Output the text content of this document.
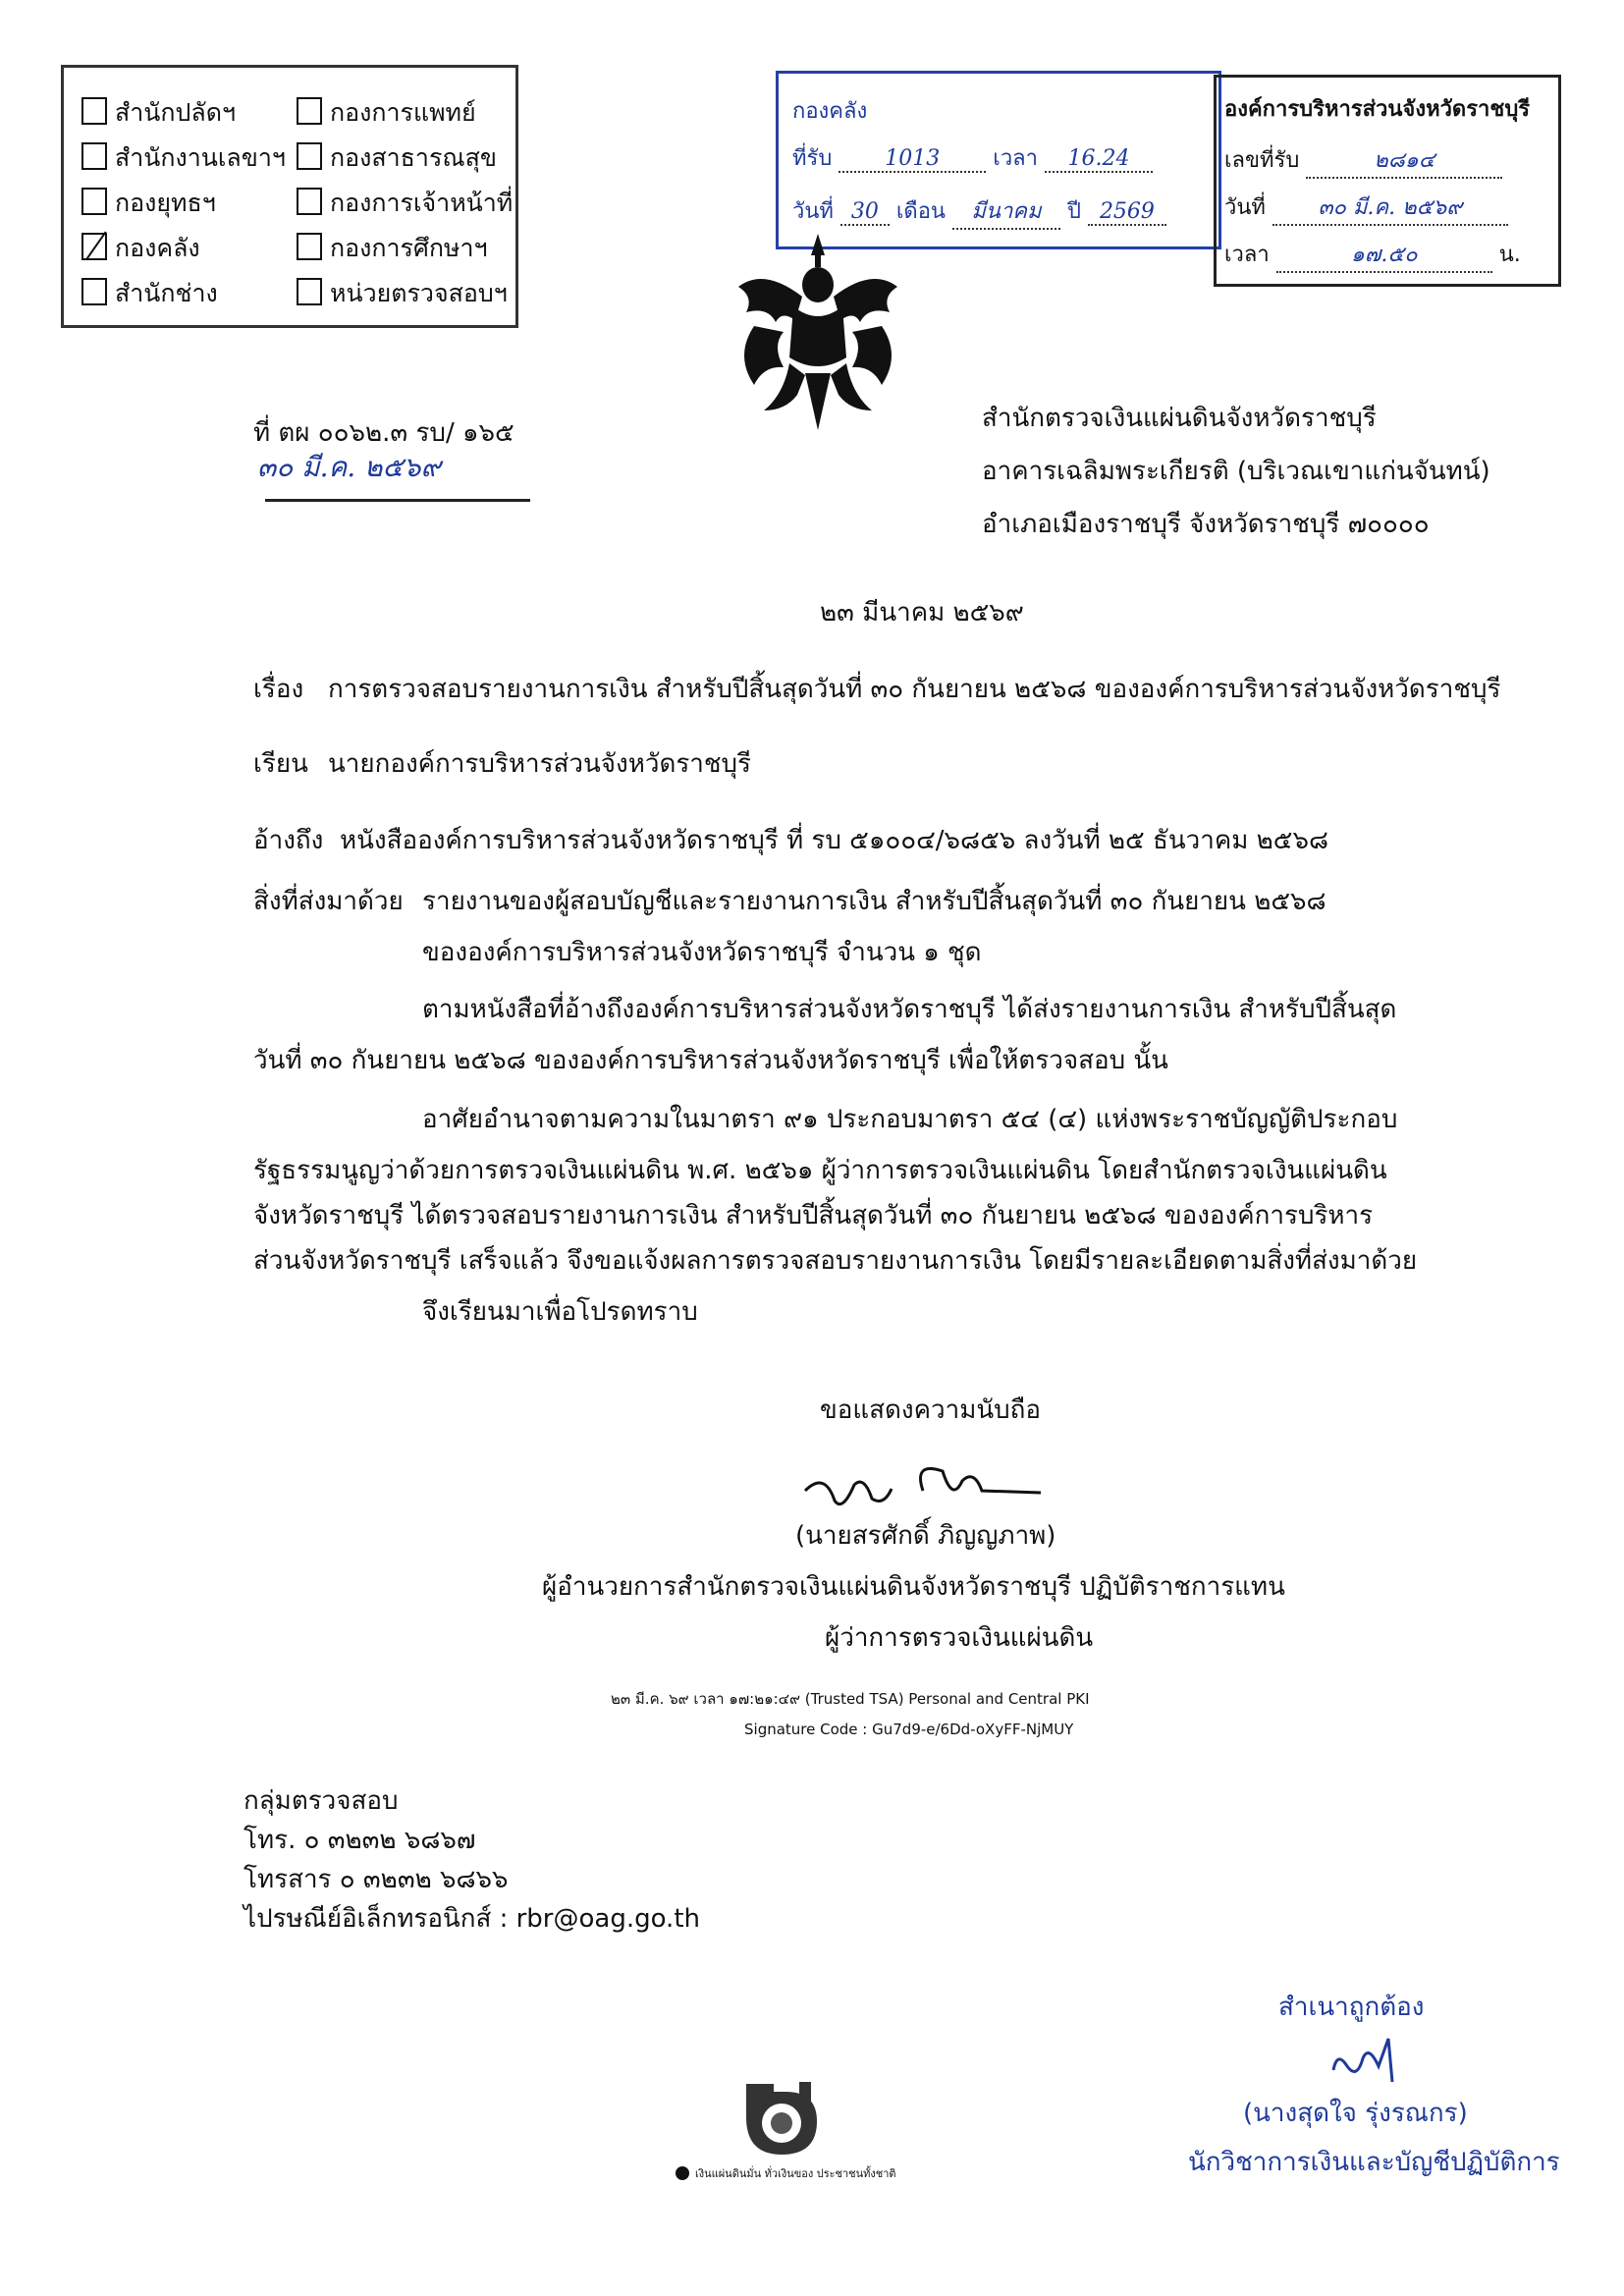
สำนักปลัดฯ	กองการแพทย์
สำนักงานเลขาฯ	กองสาธารณสุข
กองยุทธฯ	กองการเจ้าหน้าที่
กองคลัง	กองการศึกษาฯ
สำนักช่าง	หน่วยตรวจสอบฯ
กองคลัง
ที่รับ 1013 เวลา 16.24
วันที่ 30 เดือน มีนาคม ปี 2569
องค์การบริหารส่วนจังหวัดราชบุรี
เลขที่รับ	๒๘๑๔
วันที่ ๓๐ มี.ค. ๒๕๖๙
เวลา	๑๗.๕๐	น.
ที่ ตผ ๐๐๖๒.๓ รบ/ ๑๖๕
๓๐ มี.ค. ๒๕๖๙
สำนักตรวจเงินแผ่นดินจังหวัดราชบุรี
อาคารเฉลิมพระเกียรติ (บริเวณเขาแก่นจันทน์)
อำเภอเมืองราชบุรี จังหวัดราชบุรี ๗๐๐๐๐
๒๓ มีนาคม ๒๕๖๙
เรื่อง การตรวจสอบรายงานการเงิน สำหรับปีสิ้นสุดวันที่ ๓๐ กันยายน ๒๕๖๘ ขององค์การบริหารส่วนจังหวัดราชบุรี
เรียน นายกองค์การบริหารส่วนจังหวัดราชบุรี
อ้างถึง หนังสือองค์การบริหารส่วนจังหวัดราชบุรี ที่ รบ ๕๑๐๐๔/๖๘๕๖ ลงวันที่ ๒๕ ธันวาคม ๒๕๖๘
สิ่งที่ส่งมาด้วย รายงานของผู้สอบบัญชีและรายงานการเงิน สำหรับปีสิ้นสุดวันที่ ๓๐ กันยายน ๒๕๖๘
ขององค์การบริหารส่วนจังหวัดราชบุรี จำนวน ๑ ชุด
ตามหนังสือที่อ้างถึงองค์การบริหารส่วนจังหวัดราชบุรี ได้ส่งรายงานการเงิน สำหรับปีสิ้นสุด
วันที่ ๓๐ กันยายน ๒๕๖๘ ขององค์การบริหารส่วนจังหวัดราชบุรี เพื่อให้ตรวจสอบ นั้น
อาศัยอำนาจตามความในมาตรา ๙๑ ประกอบมาตรา ๕๔ (๔) แห่งพระราชบัญญัติประกอบ
รัฐธรรมนูญว่าด้วยการตรวจเงินแผ่นดิน พ.ศ. ๒๕๖๑ ผู้ว่าการตรวจเงินแผ่นดิน โดยสำนักตรวจเงินแผ่นดิน
จังหวัดราชบุรี ได้ตรวจสอบรายงานการเงิน สำหรับปีสิ้นสุดวันที่ ๓๐ กันยายน ๒๕๖๘ ขององค์การบริหาร
ส่วนจังหวัดราชบุรี เสร็จแล้ว จึงขอแจ้งผลการตรวจสอบรายงานการเงิน โดยมีรายละเอียดตามสิ่งที่ส่งมาด้วย
จึงเรียนมาเพื่อโปรดทราบ
ขอแสดงความนับถือ
(นายสรศักดิ์ ภิญญภาพ)
ผู้อำนวยการสำนักตรวจเงินแผ่นดินจังหวัดราชบุรี ปฏิบัติราชการแทน
ผู้ว่าการตรวจเงินแผ่นดิน
๒๓ มี.ค. ๖๙ เวลา ๑๗:๒๑:๔๙ (Trusted TSA) Personal and Central PKI
Signature Code : Gu7d9-e/6Dd-oXyFF-NjMUY
กลุ่มตรวจสอบ
โทร. ๐ ๓๒๓๒ ๖๘๖๗
โทรสาร ๐ ๓๒๓๒ ๖๘๖๖
ไปรษณีย์อิเล็กทรอนิกส์ : rbr@oag.go.th
สำเนาถูกต้อง
(นางสุดใจ รุ่งรณกร)
นักวิชาการเงินและบัญชีปฏิบัติการ
เงินแผ่นดินมั่น ทั่วเงินของ ประชาชนทั้งชาติ
